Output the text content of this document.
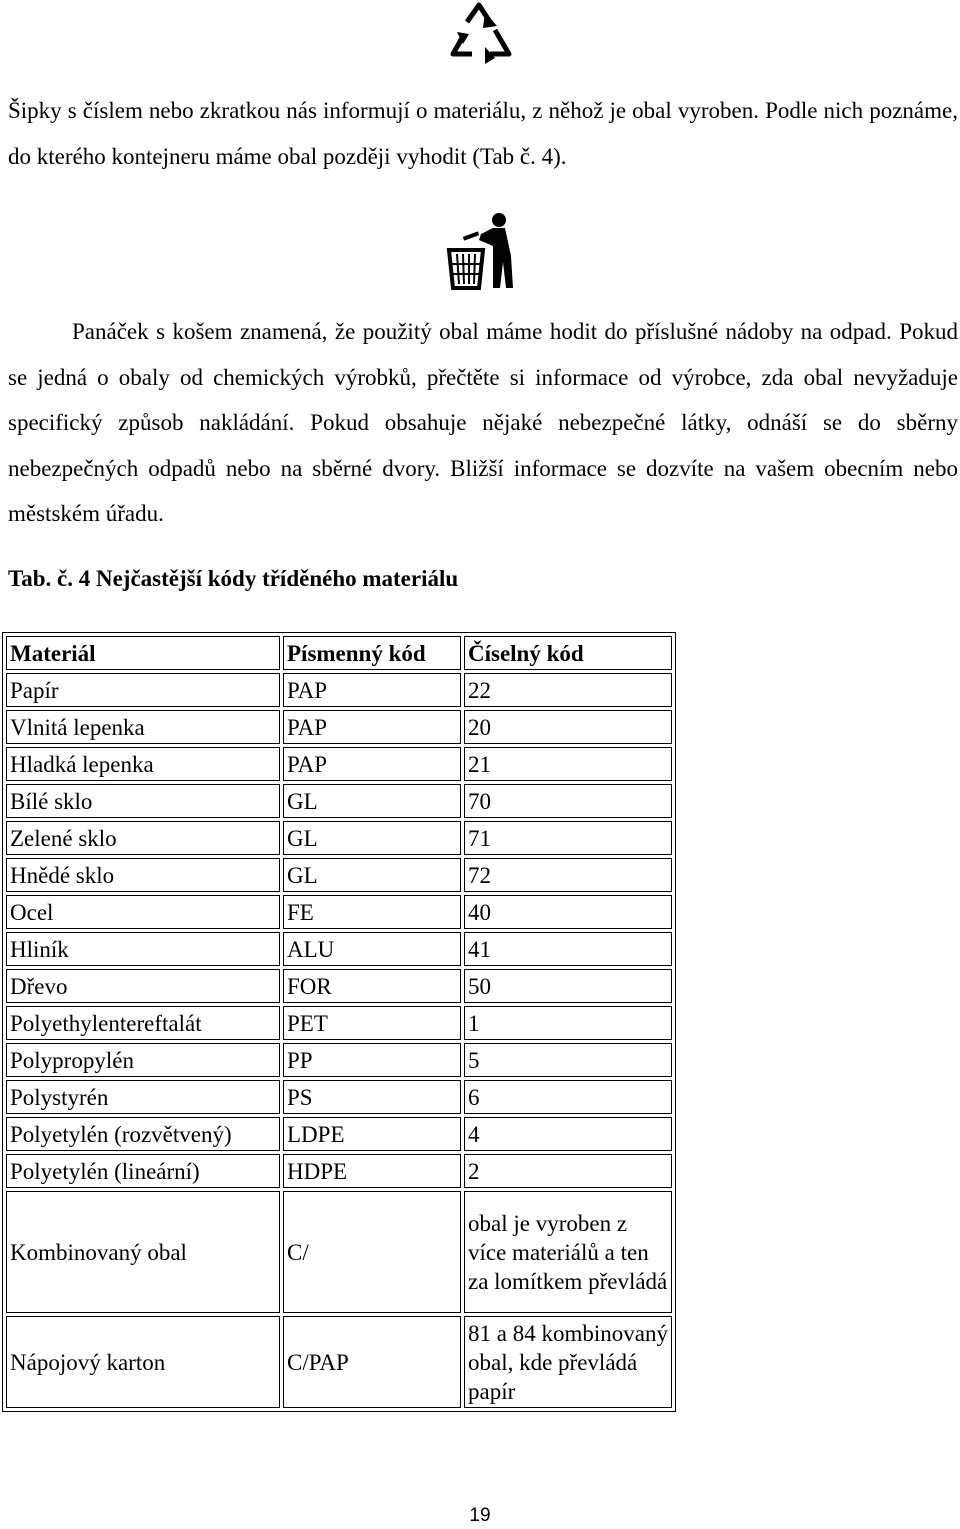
Šipky s číslem nebo zkratkou nás informují o materiálu, z něhož je obal vyroben. Podle nich poznáme, do kterého kontejneru máme obal později vyhodit (Tab č. 4).

Panáček s košem znamená, že použitý obal máme hodit do příslušné nádoby na odpad. Pokud se jedná o obaly od chemických výrobků, přečtěte si informace od výrobce, zda obal nevyžaduje specifický způsob nakládání. Pokud obsahuje nějaké nebezpečné látky, odnáší se do sběrny nebezpečných odpadů nebo na sběrné dvory. Bližší informace se dozvíte na vašem obecním nebo městském úřadu.

Tab. č. 4 Nejčastější kódy tříděného materiálu

Materiál	Písmenný kód	Číselný kód
Papír	PAP	22
Vlnitá lepenka	PAP	20
Hladká lepenka	PAP	21
Bílé sklo	GL	70
Zelené sklo	GL	71
Hnědé sklo	GL	72
Ocel	FE	40
Hliník	ALU	41
Dřevo	FOR	50
Polyethylentereftalát	PET	1
Polypropylén	PP	5
Polystyrén	PS	6
Polyetylén (rozvětvený)	LDPE	4
Polyetylén (lineární)	HDPE	2
Kombinovaný obal	C/	obal je vyroben z více materiálů a ten za lomítkem převládá
Nápojový karton	C/PAP	81 a 84 kombinovaný obal, kde převládá papír
19
